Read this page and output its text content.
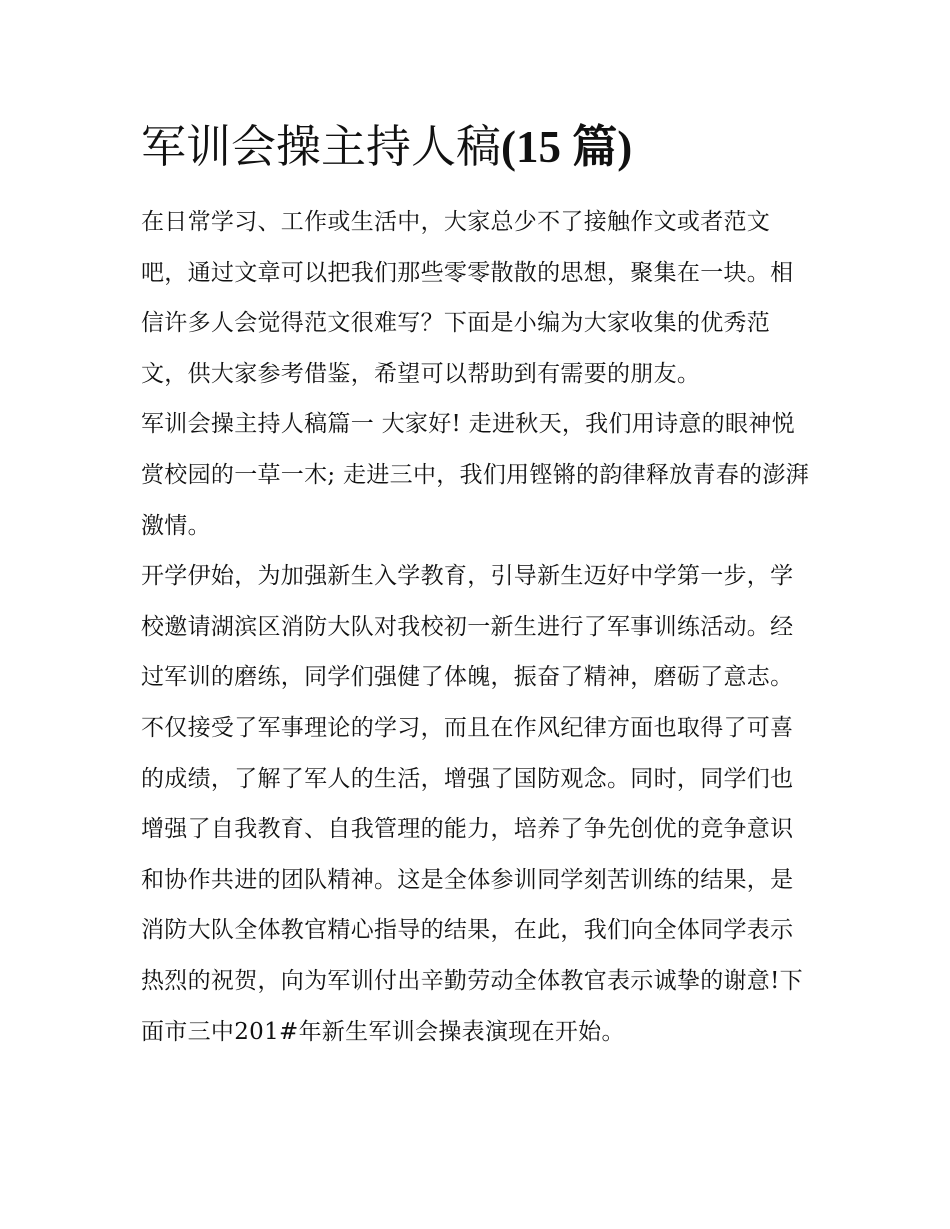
军训会操主持人稿(15 篇)

在日常学习、工作或生活中，大家总少不了接触作文或者范文吧，通过文章可以把我们那些零零散散的思想，聚集在一块。相信许多人会觉得范文很难写？下面是小编为大家收集的优秀范文，供大家参考借鉴，希望可以帮助到有需要的朋友。

军训会操主持人稿篇一 大家好! 走进秋天，我们用诗意的眼神悦赏校园的一草一木; 走进三中，我们用铿锵的韵律释放青春的澎湃激情。

开学伊始，为加强新生入学教育，引导新生迈好中学第一步，学校邀请湖滨区消防大队对我校初一新生进行了军事训练活动。经过军训的磨练，同学们强健了体魄，振奋了精神，磨砺了意志。不仅接受了军事理论的学习，而且在作风纪律方面也取得了可喜的成绩，了解了军人的生活，增强了国防观念。同时，同学们也增强了自我教育、自我管理的能力，培养了争先创优的竞争意识和协作共进的团队精神。这是全体参训同学刻苦训练的结果，是消防大队全体教官精心指导的结果，在此，我们向全体同学表示热烈的祝贺，向为军训付出辛勤劳动全体教官表示诚挚的谢意!下面市三中201#年新生军训会操表演现在开始。
